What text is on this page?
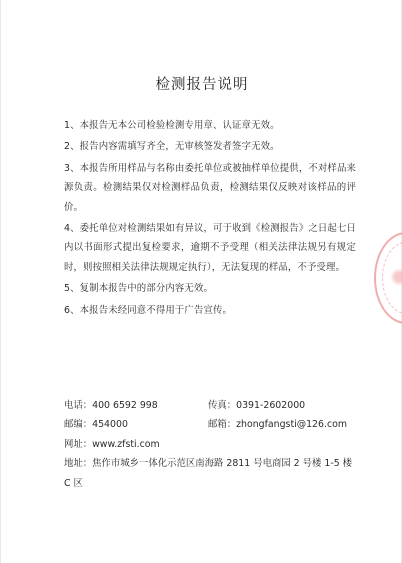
检测报告说明
1、本报告无本公司检验检测专用章、认证章无效。
2、报告内容需填写齐全，无审核签发者签字无效。
3、本报告所用样品与名称由委托单位或被抽样单位提供，不对样品来源负责。检测结果仅对检测样品负责，检测结果仅反映对该样品的评价。
4、委托单位对检测结果如有异议，可于收到《检测报告》之日起七日内以书面形式提出复检要求，逾期不予受理（相关法律法规另有规定时，则按照相关法律法规规定执行），无法复现的样品，不予受理。
5、复制本报告中的部分内容无效。
6、本报告未经同意不得用于广告宣传。
电话：400 6592 998	传真：0391-2602000
邮编：454000	邮箱：zhongfangsti@126.com
网址：www.zfsti.com
地址：焦作市城乡一体化示范区南海路 2811 号电商园 2 号楼 1-5 楼 C 区
